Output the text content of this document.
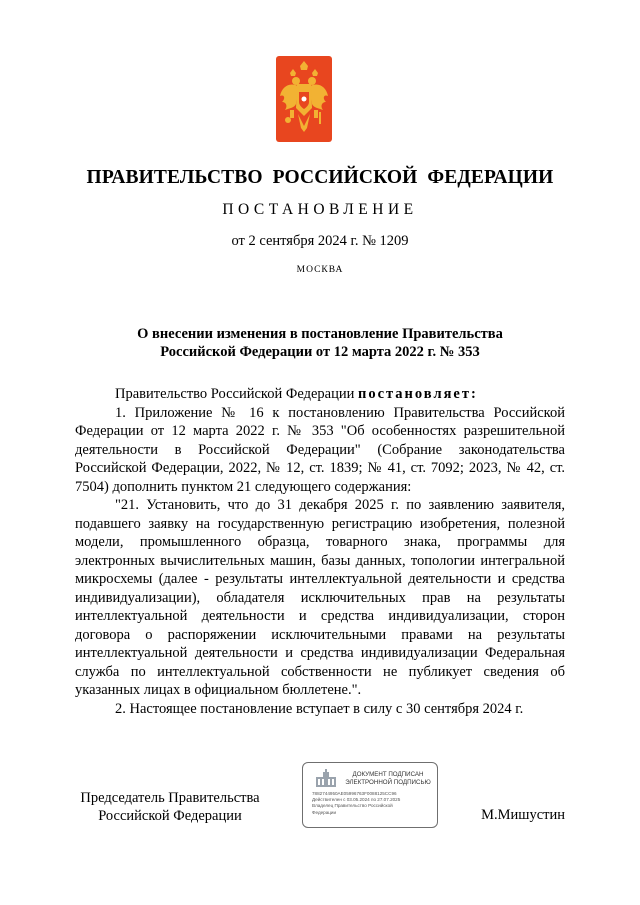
ПРАВИТЕЛЬСТВО РОССИЙСКОЙ ФЕДЕРАЦИИ
ПОСТАНОВЛЕНИЕ
от 2 сентября 2024 г. № 1209
МОСКВА
О внесении изменения в постановление Правительства
Российской Федерации от 12 марта 2022 г. № 353

Правительство Российской Федерации постановляет:

1. Приложение № 16 к постановлению Правительства Российской Федерации от 12 марта 2022 г. № 353 "Об особенностях разрешительной деятельности в Российской Федерации" (Собрание законодательства Российской Федерации, 2022, № 12, ст. 1839; № 41, ст. 7092; 2023, № 42, ст. 7504) дополнить пунктом 21 следующего содержания:

"21. Установить, что до 31 декабря 2025 г. по заявлению заявителя, подавшего заявку на государственную регистрацию изобретения, полезной модели, промышленного образца, товарного знака, программы для электронных вычислительных машин, базы данных, топологии интегральной микросхемы (далее - результаты интеллектуальной деятельности и средства индивидуализации), обладателя исключительных прав на результаты интеллектуальной деятельности и средства индивидуализации, сторон договора о распоряжении исключительными правами на результаты интеллектуальной деятельности и средства индивидуализации Федеральная служба по интеллектуальной собственности не публикует сведения об указанных лицах в официальном бюллетене.".

2. Настоящее постановление вступает в силу с 30 сентября 2024 г.

Председатель Правительства
Российской Федерации
ДОКУМЕНТ ПОДПИСАН
ЭЛЕКТРОННОЙ ПОДПИСЬЮ
7882744950AE05996763F0088125CC96
Действителен с 03.05.2024 по 27.07.2025
Владелец Правительство Российской
Федерации	М.Мишустин
